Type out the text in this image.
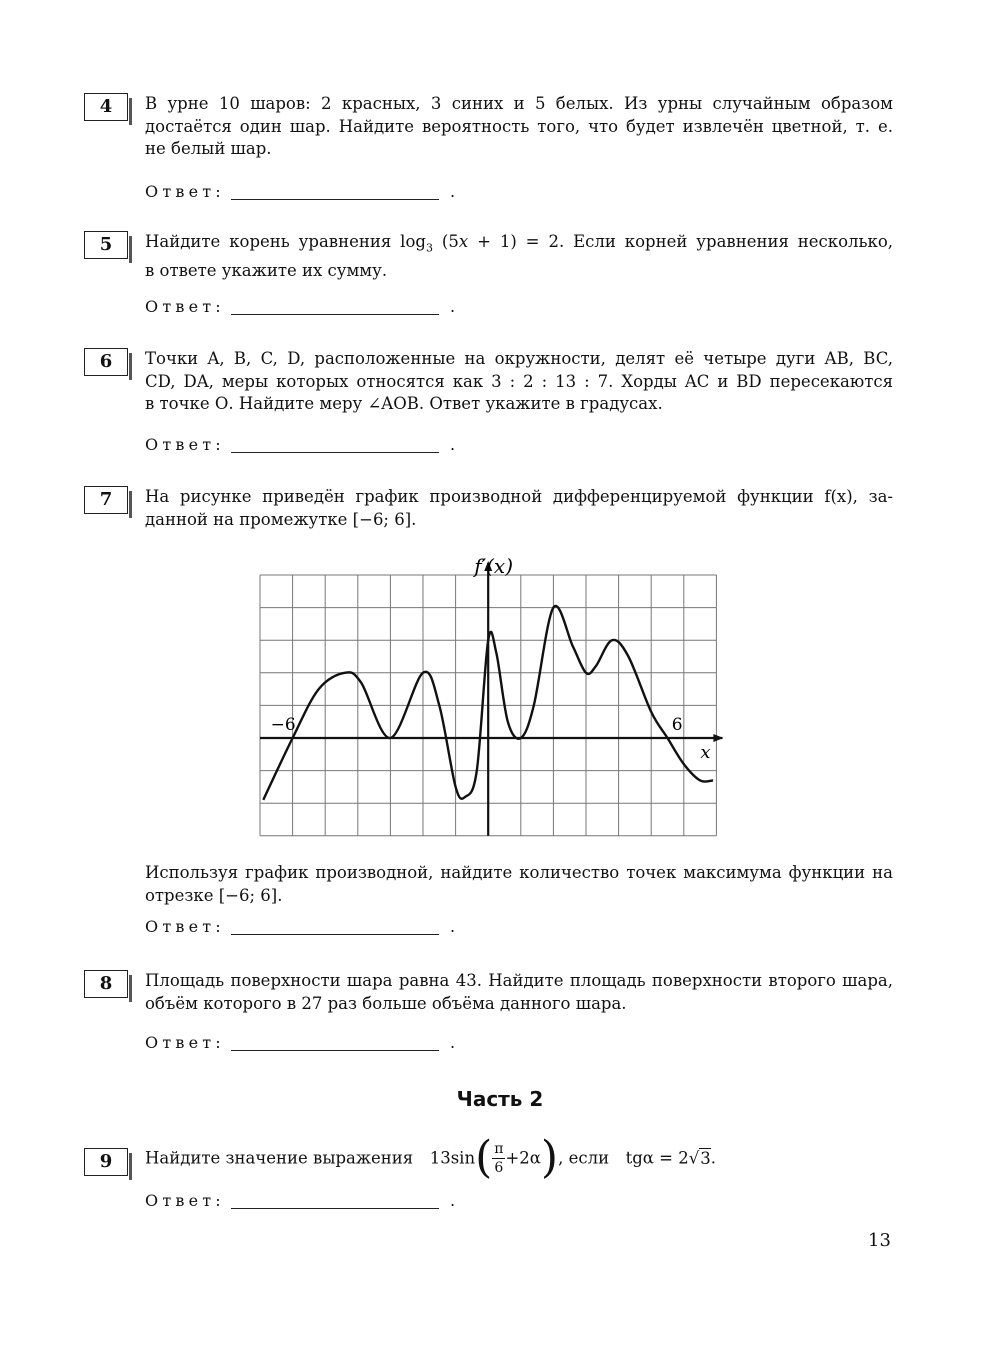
4	В урне 10 шаров: 2 красных, 3 синих и 5 белых. Из урны случайным образом
достаётся один шар. Найдите вероятность того, что будет извлечён цветной, т. е.
не белый шар.
Ответ:	.
5	Найдите корень уравнения $\log_3 (5x + 1) = 2$. Если корней уравнения несколько,
в ответе укажите их сумму.
Ответ:	.
6	Точки A, B, C, D, расположенные на окружности, делят её четыре дуги AB, BC,
CD, DA, меры которых относятся как 3 : 2 : 13 : 7. Хорды AC и BD пересекаются
в точке О. Найдите меру ∠AOB. Ответ укажите в градусах.
Ответ:	.
7	На рисунке приведён график производной дифференцируемой функции f(x), за-
данной на промежутке [−6; 6].
f′(x)
x
−6	6
Используя график производной, найдите количество точек максимума функции на
отрезке [−6; 6].
Ответ:	.
8	Площадь поверхности шара равна 43. Найдите площадь поверхности второго шара,
объём которого в 27 раз больше объёма данного шара.
Ответ:	.
Часть 2
9	Найдите значение выражения $13\sin( \frac{\pi}{6} +2\alpha)$, если tgα = 2√3.
Ответ:	.
13
